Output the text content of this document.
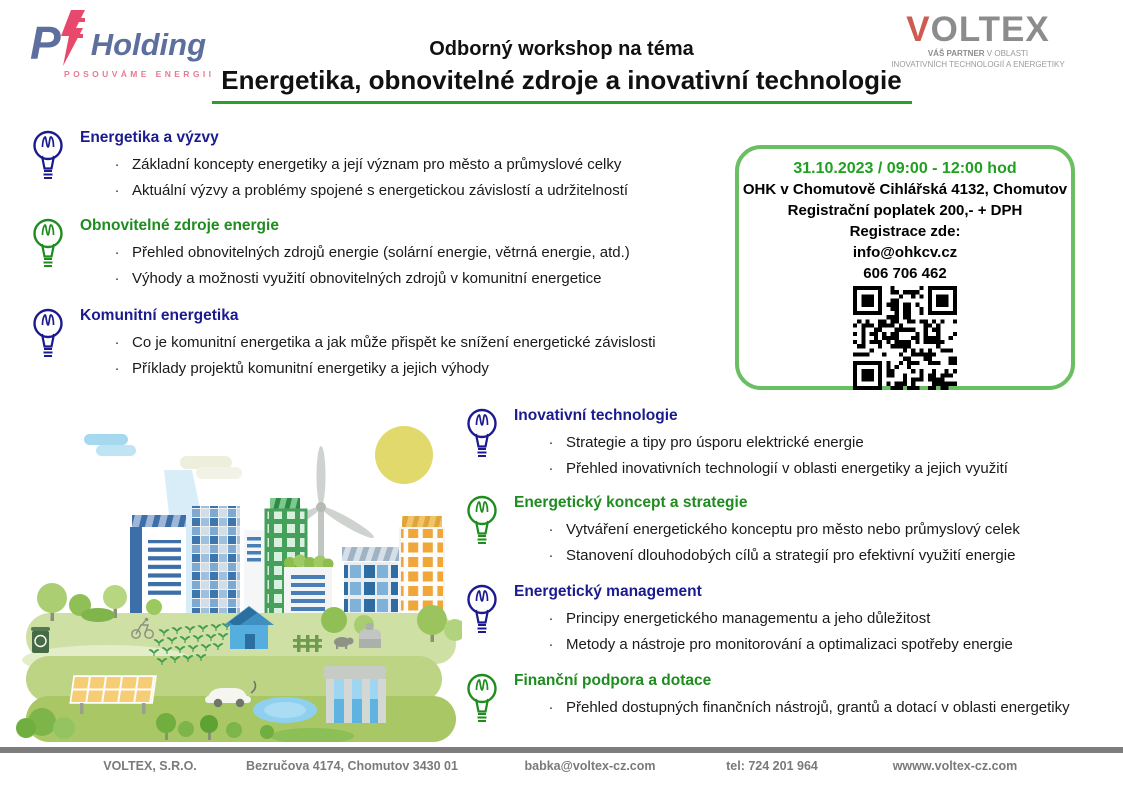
P Holding
POSOUVÁME ENERGII
Odborný workshop na téma
Energetika, obnovitelné zdroje a inovativní technologie
VOLTEX
VÁŠ PARTNER V OBLASTI
INOVATIVNÍCH TECHNOLOGIÍ A ENERGETIKY
Energetika a výzvy
· Základní koncepty energetiky a její význam pro město a průmyslové celky
· Aktuální výzvy a problémy spojené s energetickou závislostí a udržitelností
Obnovitelné zdroje energie
· Přehled obnovitelných zdrojů energie (solární energie, větrná energie, atd.)
· Výhody a možnosti využití obnovitelných zdrojů v komunitní energetice
Komunitní energetika
· Co je komunitní energetika a jak může přispět ke snížení energetické závislosti
· Příklady projektů komunitní energetiky a jejich výhody
Inovativní technologie
· Strategie a tipy pro úsporu elektrické energie
· Přehled inovativních technologií v oblasti energetiky a jejich využití
Energetický koncept a strategie
· Vytváření energetického konceptu pro město nebo průmyslový celek
· Stanovení dlouhodobých cílů a strategií pro efektivní využití energie
Energetický management
· Principy energetického managementu a jeho důležitost
· Metody a nástroje pro monitorování a optimalizaci spotřeby energie
Finanční podpora a dotace
· Přehled dostupných finančních nástrojů, grantů a dotací v oblasti energetiky
31.10.2023 / 09:00 - 12:00 hod
OHK v Chomutově Cihlářská 4132, Chomutov
Registrační poplatek 200,- + DPH
Registrace zde:
info@ohkcv.cz
606 706 462
VOLTEX, S.R.O.	Bezručova 4174, Chomutov 3430 01	babka@voltex-cz.com	tel: 724 201 964	wwww.voltex-cz.com
